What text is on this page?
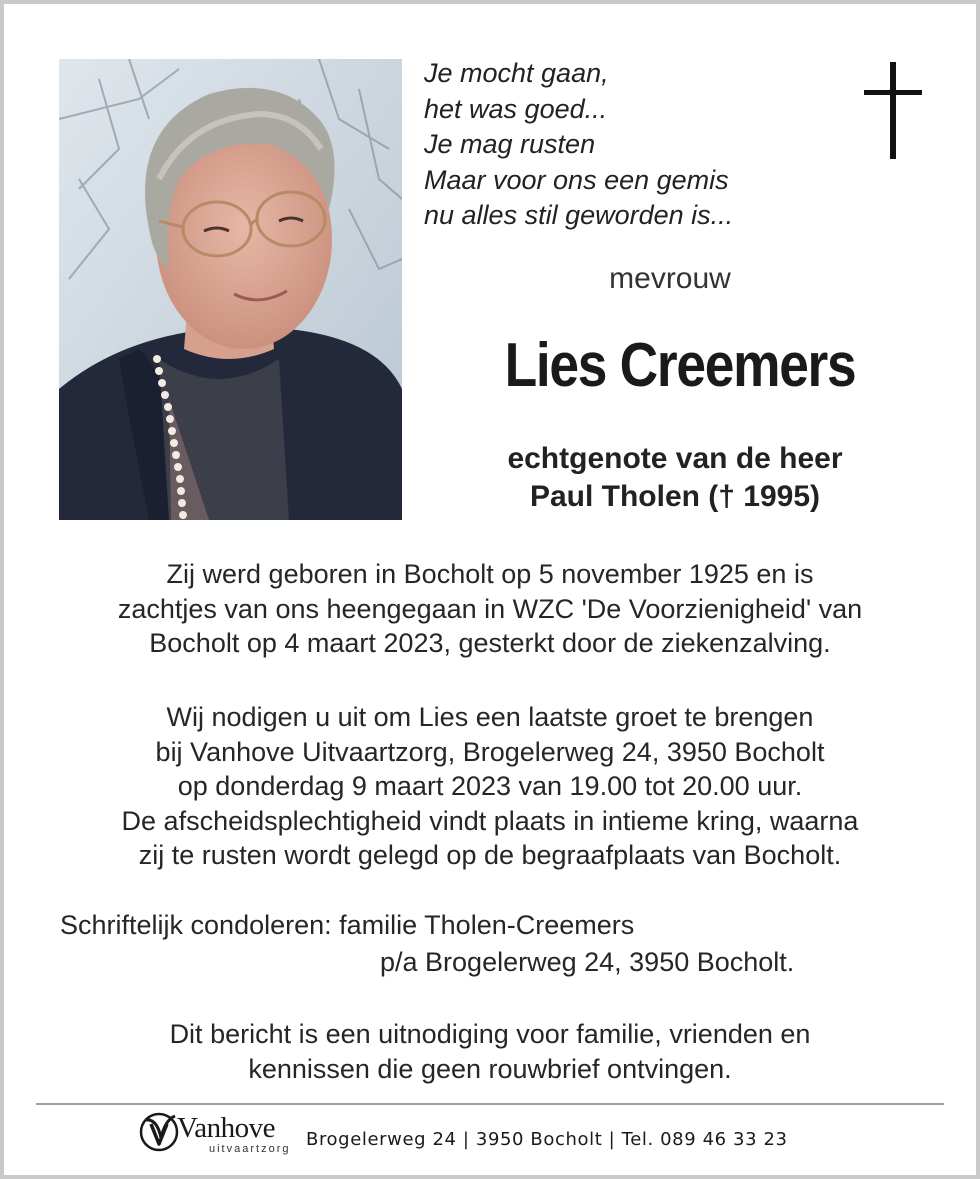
Je mocht gaan,
het was goed...
Je mag rusten
Maar voor ons een gemis
nu alles stil geworden is...
mevrouw
Lies Creemers
echtgenote van de heer
Paul Tholen († 1995)
Zij werd geboren in Bocholt op 5 november 1925 en is
zachtjes van ons heengegaan in WZC 'De Voorzienigheid' van
Bocholt op 4 maart 2023, gesterkt door de ziekenzalving.
Wij nodigen u uit om Lies een laatste groet te brengen
bij Vanhove Uitvaartzorg, Brogelerweg 24, 3950 Bocholt
op donderdag 9 maart 2023 van 19.00 tot 20.00 uur.
De afscheidsplechtigheid vindt plaats in intieme kring, waarna
zij te rusten wordt gelegd op de begraafplaats van Bocholt.
Schriftelijk condoleren: familie Tholen-Creemers
p/a Brogelerweg 24, 3950 Bocholt.
Dit bericht is een uitnodiging voor familie, vrienden en
kennissen die geen rouwbrief ontvingen.
Vanhove
uitvaartzorg Brogelerweg 24 | 3950 Bocholt | Tel. 089 46 33 23
